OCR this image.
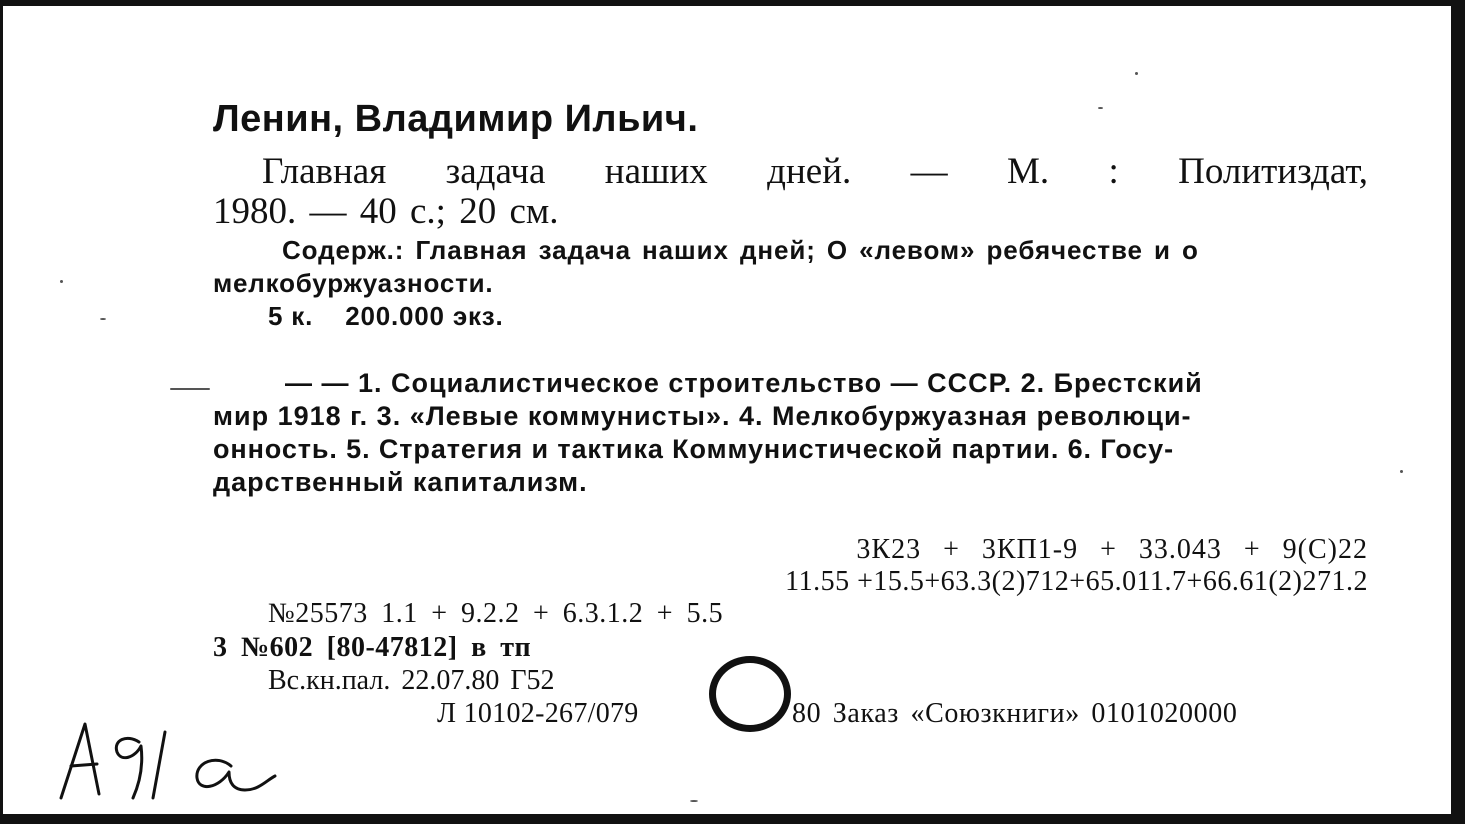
Ленин, Владимир Ильич.
Главная задача наших дней. — М. : Политиздат,
1980. — 40 с.; 20 см.
Содерж.: Главная задача наших дней; О «левом» ребячестве и о
мелкобуржуазности.
5 к.    200.000 экз.
— — 1. Социалистическое строительство — СССР. 2. Брестский
мир 1918 г. 3. «Левые коммунисты». 4. Мелкобуржуазная революци-
онность. 5. Стратегия и тактика Коммунистической партии. 6. Госу-
дарственный капитализм.
3К23 + 3КП1-9 + 33.043 + 9(С)22
11.55 +15.5+63.3(2)712+65.011.7+66.61(2)271.2
№25573 1.1 + 9.2.2 + 6.3.1.2 + 5.5
3 №602 [80-47812] в тп
Вс.кн.пал. 22.07.80 Г52
Л 10102-267/079	80 Заказ «Союзкниги» 0101020000
